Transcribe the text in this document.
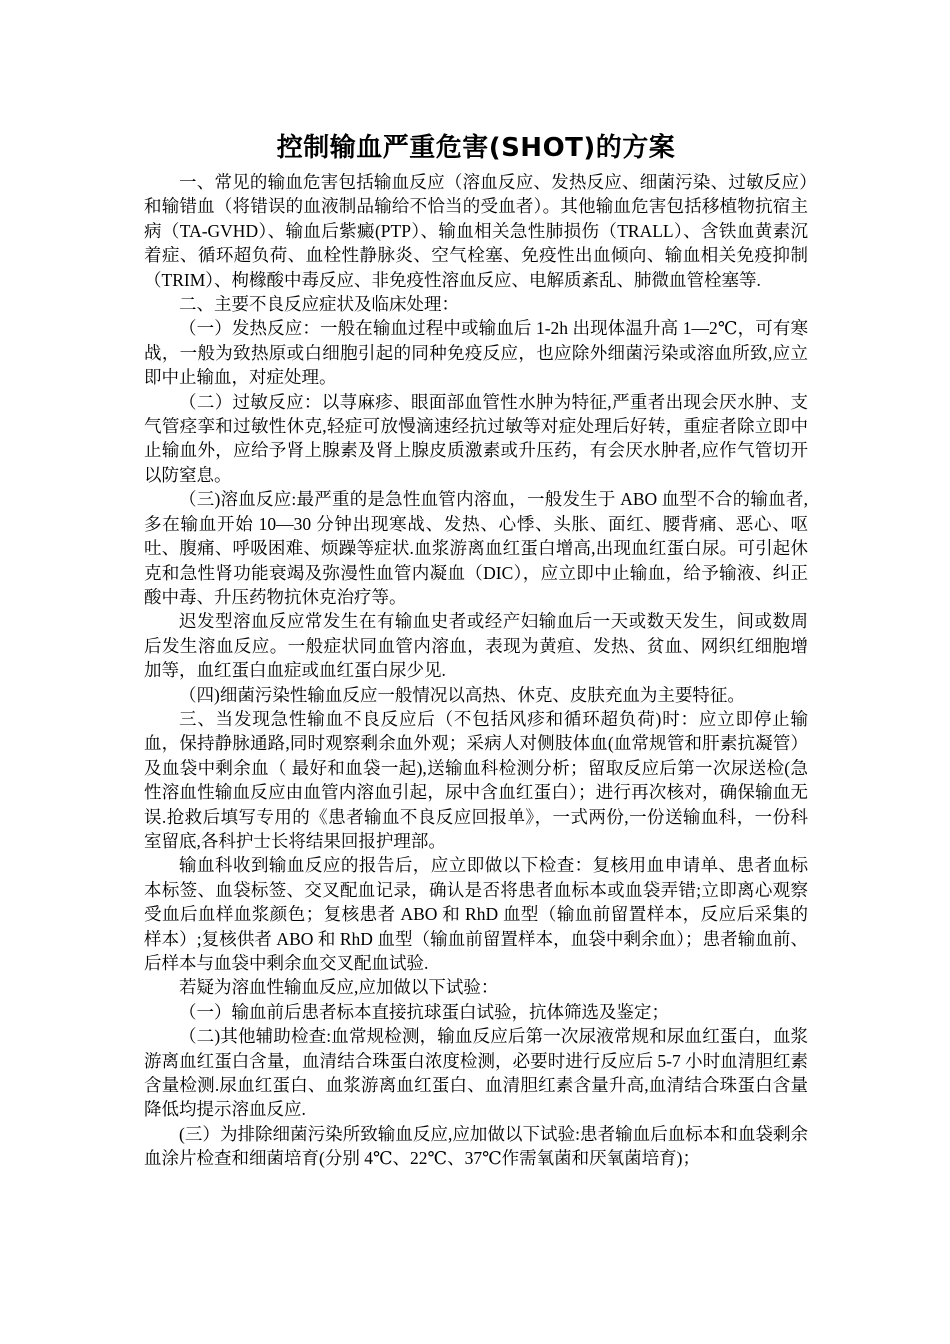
控制输血严重危害(SHOT)的方案

一、常见的输血危害包括输血反应（溶血反应、发热反应、细菌污染、过敏反应）和输错血（将错误的血液制品输给不恰当的受血者）。其他输血危害包括移植物抗宿主病（TA-GVHD）、输血后紫癜(PTP）、输血相关急性肺损伤（TRALL）、含铁血黄素沉着症、循环超负荷、血栓性静脉炎、空气栓塞、免疫性出血倾向、输血相关免疫抑制（TRIM）、枸橼酸中毒反应、非免疫性溶血反应、电解质紊乱、肺微血管栓塞等.

二、主要不良反应症状及临床处理：

（一）发热反应：一般在输血过程中或输血后 1-2h 出现体温升高 1—2℃，可有寒战，一般为致热原或白细胞引起的同种免疫反应，也应除外细菌污染或溶血所致,应立即中止输血，对症处理。

（二）过敏反应：以荨麻疹、眼面部血管性水肿为特征,严重者出现会厌水肿、支气管痉挛和过敏性休克,轻症可放慢滴速经抗过敏等对症处理后好转，重症者除立即中止输血外，应给予肾上腺素及肾上腺皮质激素或升压药，有会厌水肿者,应作气管切开以防窒息。

（三)溶血反应:最严重的是急性血管内溶血，一般发生于 ABO 血型不合的输血者,多在输血开始 10—30 分钟出现寒战、发热、心悸、头胀、面红、腰背痛、恶心、呕吐、腹痛、呼吸困难、烦躁等症状.血浆游离血红蛋白增高,出现血红蛋白尿。可引起休克和急性肾功能衰竭及弥漫性血管内凝血（DIC），应立即中止输血，给予输液、纠正酸中毒、升压药物抗休克治疗等。

迟发型溶血反应常发生在有输血史者或经产妇输血后一天或数天发生，间或数周后发生溶血反应。一般症状同血管内溶血，表现为黄疸、发热、贫血、网织红细胞增加等，血红蛋白血症或血红蛋白尿少见.

（四)细菌污染性输血反应一般情况以高热、休克、皮肤充血为主要特征。

三、当发现急性输血不良反应后（不包括风疹和循环超负荷)时：应立即停止输血，保持静脉通路,同时观察剩余血外观；采病人对侧肢体血(血常规管和肝素抗凝管）及血袋中剩余血（ 最好和血袋一起),送输血科检测分析；留取反应后第一次尿送检(急性溶血性输血反应由血管内溶血引起，尿中含血红蛋白）；进行再次核对，确保输血无误.抢救后填写专用的《患者输血不良反应回报单》，一式两份,一份送输血科，一份科室留底,各科护士长将结果回报护理部。

输血科收到输血反应的报告后，应立即做以下检查：复核用血申请单、患者血标本标签、血袋标签、交叉配血记录，确认是否将患者血标本或血袋弄错;立即离心观察受血后血样血浆颜色；复核患者 ABO 和 RhD 血型（输血前留置样本，反应后采集的样本）;复核供者 ABO 和 RhD 血型（输血前留置样本，血袋中剩余血）；患者输血前、后样本与血袋中剩余血交叉配血试验.

若疑为溶血性输血反应,应加做以下试验：

（一）输血前后患者标本直接抗球蛋白试验，抗体筛选及鉴定；

（二)其他辅助检查:血常规检测，输血反应后第一次尿液常规和尿血红蛋白，血浆游离血红蛋白含量，血清结合珠蛋白浓度检测，必要时进行反应后 5-7 小时血清胆红素含量检测.尿血红蛋白、血浆游离血红蛋白、血清胆红素含量升高,血清结合珠蛋白含量降低均提示溶血反应.

(三）为排除细菌污染所致输血反应,应加做以下试验:患者输血后血标本和血袋剩余血涂片检查和细菌培育(分别 4℃、22℃、37℃作需氧菌和厌氧菌培育)；
